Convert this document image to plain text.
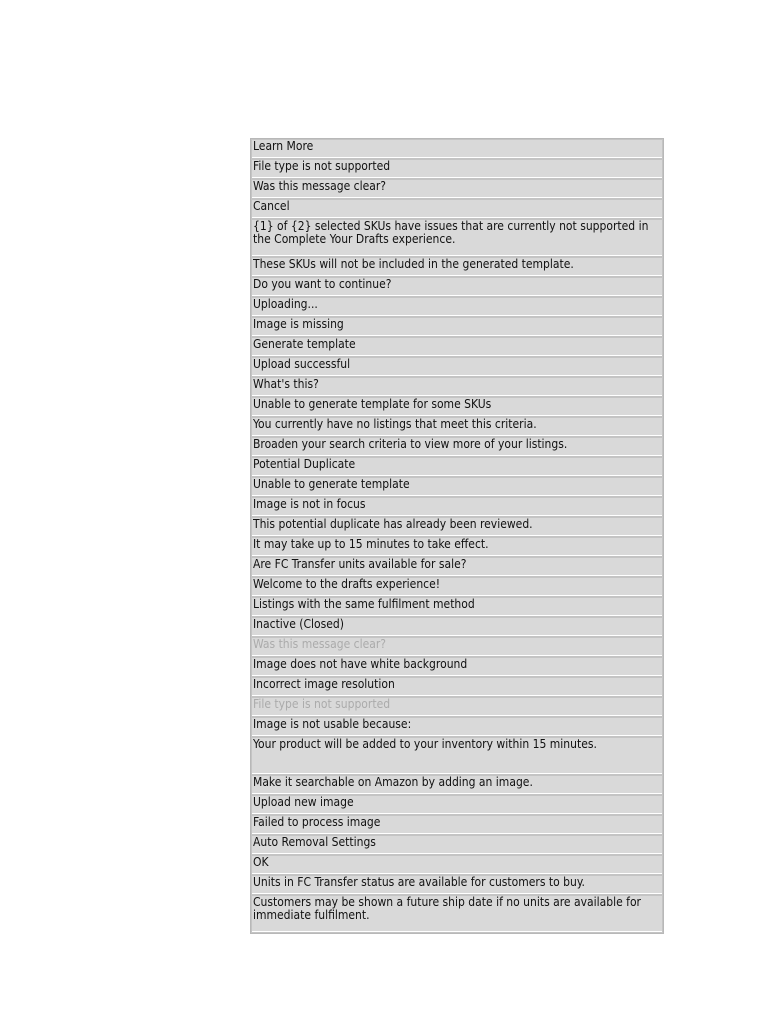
Learn More
File type is not supported
Was this message clear?
Cancel
{1} of {2} selected SKUs have issues that are currently not supported in the Complete Your Drafts experience.
These SKUs will not be included in the generated template.
Do you want to continue?
Uploading...
Image is missing
Generate template
Upload successful
What's this?
Unable to generate template for some SKUs
You currently have no listings that meet this criteria.
Broaden your search criteria to view more of your listings.
Potential Duplicate
Unable to generate template
Image is not in focus
This potential duplicate has already been reviewed.
It may take up to 15 minutes to take effect.
Are FC Transfer units available for sale?
Welcome to the drafts experience!
Listings with the same fulfilment method
Inactive (Closed)
Was this message clear?
Image does not have white background
Incorrect image resolution
File type is not supported
Image is not usable because:
Your product will be added to your inventory within 15 minutes.
Make it searchable on Amazon by adding an image.
Upload new image
Failed to process image
Auto Removal Settings
OK
Units in FC Transfer status are available for customers to buy.
Customers may be shown a future ship date if no units are available for immediate fulfilment.
